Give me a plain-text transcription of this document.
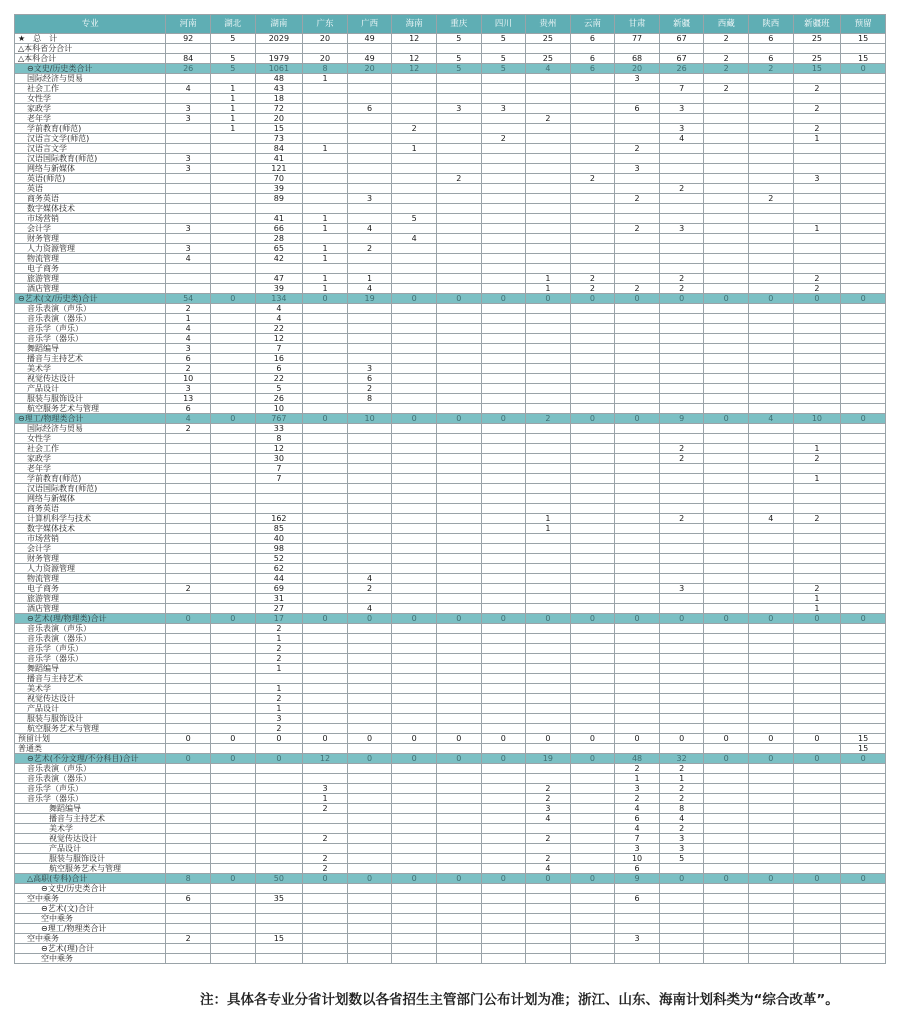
专业	河南	湖北	湖南	广东	广西	海南	重庆	四川	贵州	云南	甘肃	新疆	西藏	陕西	新疆班	预留
★　总　计	92	5	2029	20	49	12	5	5	25	6	77	67	2	6	25	15
△本科省分合计																
△本科合计	84	5	1979	20	49	12	5	5	25	6	68	67	2	6	25	15
⊖文史/历史类合计	26	5	1061	8	20	12	5	5	4	6	20	26	2	2	15	0
国际经济与贸易			48	1							3					
社会工作	4	1	43									7	2		2	
女性学		1	18													
家政学	3	1	72		6		3	3			6	3			2	
老年学	3	1	20						2							
学前教育(师范)		1	15			2						3			2	
汉语言文学(师范)			73					2				4			1	
汉语言文学			84	1		1					2					
汉语国际教育(师范)	3		41													
网络与新媒体	3		121								3					
英语(师范)			70				2			2					3	
英语			39									2				
商务英语			89		3						2			2		
数字媒体技术																
市场营销			41	1		5										
会计学	3		66	1	4						2	3			1	
财务管理			28			4										
人力资源管理	3		65	1	2											
物流管理	4		42	1												
电子商务																
旅游管理			47	1	1				1	2		2			2	
酒店管理			39	1	4				1	2	2	2			2	
⊖艺术(文/历史类)合计	54	0	134	0	19	0	0	0	0	0	0	0	0	0	0	0
音乐表演（声乐）	2		4													
音乐表演（器乐）	1		4													
音乐学（声乐）	4		22													
音乐学（器乐）	4		12													
舞蹈编导	3		7													
播音与主持艺术	6		16													
美术学	2		6		3											
视觉传达设计	10		22		6											
产品设计	3		5		2											
服装与服饰设计	13		26		8											
航空服务艺术与管理	6		10													
⊖理工/物理类合计	4	0	767	0	10	0	0	0	2	0	0	9	0	4	10	0
国际经济与贸易	2		33													
女性学			8													
社会工作			12									2			1	
家政学			30									2			2	
老年学			7													
学前教育(师范)			7												1	
汉语国际教育(师范)																
网络与新媒体																
商务英语																
计算机科学与技术			162						1			2		4	2	
数字媒体技术			85						1							
市场营销			40													
会计学			98													
财务管理			52													
人力资源管理			62													
物流管理			44		4											
电子商务	2		69		2							3			2	
旅游管理			31												1	
酒店管理			27		4										1	
⊖艺术(理/物理类)合计	0	0	17	0	0	0	0	0	0	0	0	0	0	0	0	0
音乐表演（声乐）			2													
音乐表演（器乐）			1													
音乐学（声乐）			2													
音乐学（器乐）			2													
舞蹈编导			1													
播音与主持艺术																
美术学			1													
视觉传达设计			2													
产品设计			1													
服装与服饰设计			3													
航空服务艺术与管理			2													
预留计划	0	0	0	0	0	0	0	0	0	0	0	0	0	0	0	15
普通类																15
⊖艺术(不分文理/不分科目)合计	0	0	0	12	0	0	0	0	19	0	48	32	0	0	0	0
音乐表演（声乐）											2	2				
音乐表演（器乐）											1	1				
音乐学（声乐）				3					2		3	2				
音乐学（器乐）				1					2		2	2				
舞蹈编导				2					3		4	8				
播音与主持艺术									4		6	4				
美术学											4	2				
视觉传达设计				2					2		7	3				
产品设计											3	3				
服装与服饰设计				2					2		10	5				
航空服务艺术与管理				2					4		6					
△高职(专科)合计	8	0	50	0	0	0	0	0	0	0	9	0	0	0	0	0
⊖文史/历史类合计																
空中乘务	6		35								6					
⊖艺术(文)合计																
空中乘务																
⊖理工/物理类合计																
空中乘务	2		15								3					
⊖艺术(理)合计																
空中乘务																
注：具体各专业分省计划数以各省招生主管部门公布计划为准；浙江、山东、海南计划科类为“综合改革”。
